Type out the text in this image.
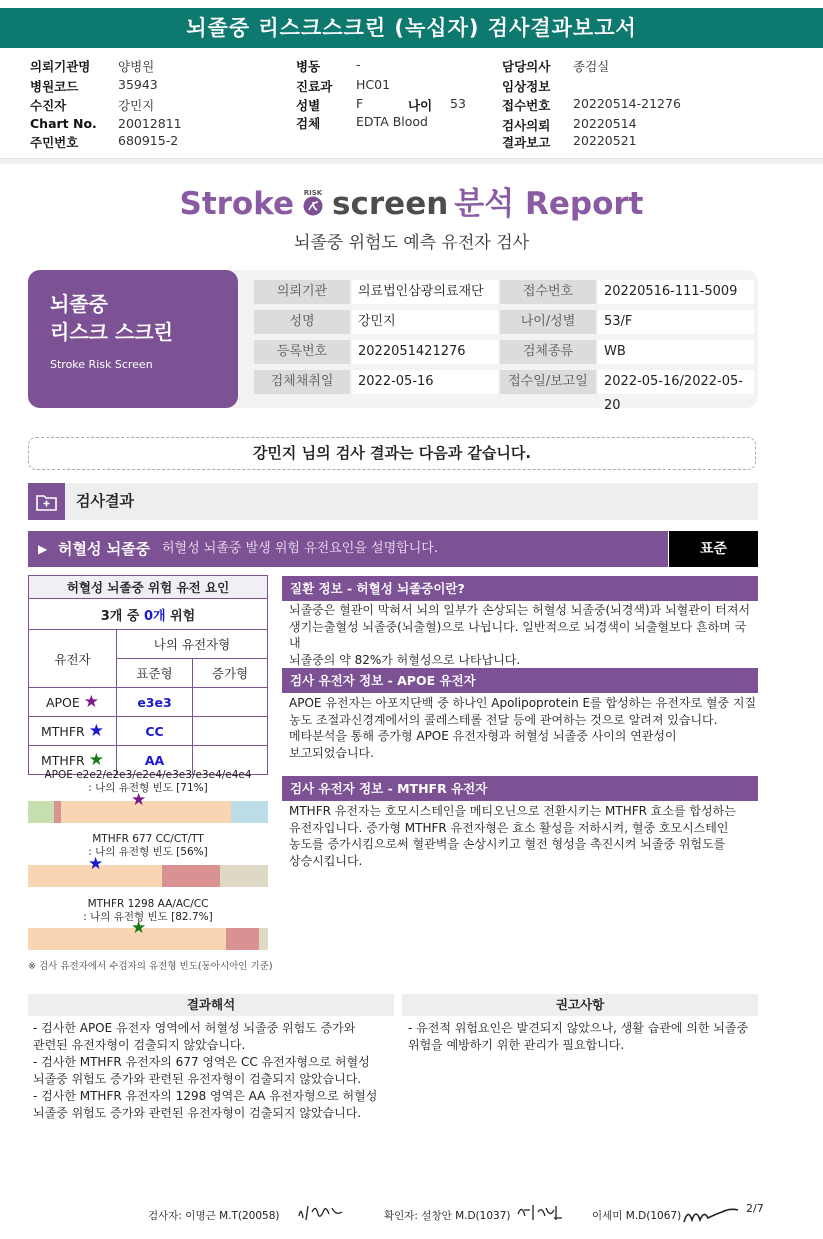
뇌졸중 리스크스크린 (녹십자) 검사결과보고서
의뢰기관명 양병원
병원코드	35943
수진자	강민지
Chart No. 20012811
주민번호	680915-2
병동	-
진료과 HC01
성별	F	나이 53
검체	EDTA Blood
담당의사 종검실
임상정보
접수번호 20220514-21276
검사의뢰 20220514
결과보고 20220521
Stroke RISK screen 분석 Report
뇌졸중 위험도 예측 유전자 검사
뇌졸중
리스크 스크린
Stroke Risk Screen
의뢰기관	의료법인삼광의료재단	접수번호	20220516-111-5009
성명	강민지	나이/성별	53/F
등록번호	2022051421276	검체종류	WB
검체채취일	2022-05-16	접수일/보고일	2022-05-16/2022-05-20
강민지 님의 검사 결과는 다음과 같습니다.
검사결과
▶ 허혈성 뇌졸중 허혈성 뇌졸중 발생 위험 유전요인을 설명합니다.	표준
허혈성 뇌졸중 위험 유전 요인		
3개 중 0개 위험		
유전자	나의 유전자형	
	표준형	증가형
APOE ★	e3e3	
MTHFR ★	CC	
MTHFR ★	AA	
APOE e2e2/e2e3/e2e4/e3e3/e3e4/e4e4
: 나의 유전형 빈도 [71%]
★
MTHFR 677 CC/CT/TT
: 나의 유전형 빈도 [56%]
★
MTHFR 1298 AA/AC/CC
: 나의 유전형 빈도 [82.7%]
★
※ 검사 유전자에서 수검자의 유전형 빈도(동아시아인 기준)
질환 정보 - 허혈성 뇌졸중이란?
뇌졸중은 혈관이 막혀서 뇌의 일부가 손상되는 허혈성 뇌졸중(뇌경색)과 뇌혈관이 터져서
생기는출혈성 뇌졸중(뇌출혈)으로 나뉩니다. 일반적으로 뇌경색이 뇌출혈보다 흔하며 국내
뇌졸중의 약 82%가 허혈성으로 나타납니다.
검사 유전자 정보 - APOE 유전자
APOE 유전자는 아포지단백 중 하나인 Apolipoprotein E를 합성하는 유전자로 혈중 지질
농도 조절과신경계에서의 콜레스테롤 전달 등에 관여하는 것으로 알려져 있습니다.
메타분석을 통해 증가형 APOE 유전자형과 허혈성 뇌졸중 사이의 연관성이
보고되었습니다.
검사 유전자 정보 - MTHFR 유전자
MTHFR 유전자는 호모시스테인을 메티오닌으로 전환시키는 MTHFR 효소를 합성하는
유전자입니다. 증가형 MTHFR 유전자형은 효소 활성을 저하시켜, 혈중 호모시스테인
농도를 증가시킴으로써 혈관벽을 손상시키고 혈전 형성을 촉진시켜 뇌졸중 위험도를
상승시킵니다.
결과해석
- 검사한 APOE 유전자 영역에서 허혈성 뇌졸중 위험도 증가와
관련된 유전자형이 검출되지 않았습니다.
- 검사한 MTHFR 유전자의 677 영역은 CC 유전자형으로 허혈성
뇌졸중 위험도 증가와 관련된 유전자형이 검출되지 않았습니다.
- 검사한 MTHFR 유전자의 1298 영역은 AA 유전자형으로 허혈성
뇌졸중 위험도 증가와 관련된 유전자형이 검출되지 않았습니다.
권고사항
- 유전적 위험요인은 발견되지 않았으나, 생활 습관에 의한 뇌졸중
위험을 예방하기 위한 관리가 필요합니다.
검사자: 이명근 M.T(20058)	확인자: 설창안 M.D(1037)	이세미 M.D(1067)
2/7
